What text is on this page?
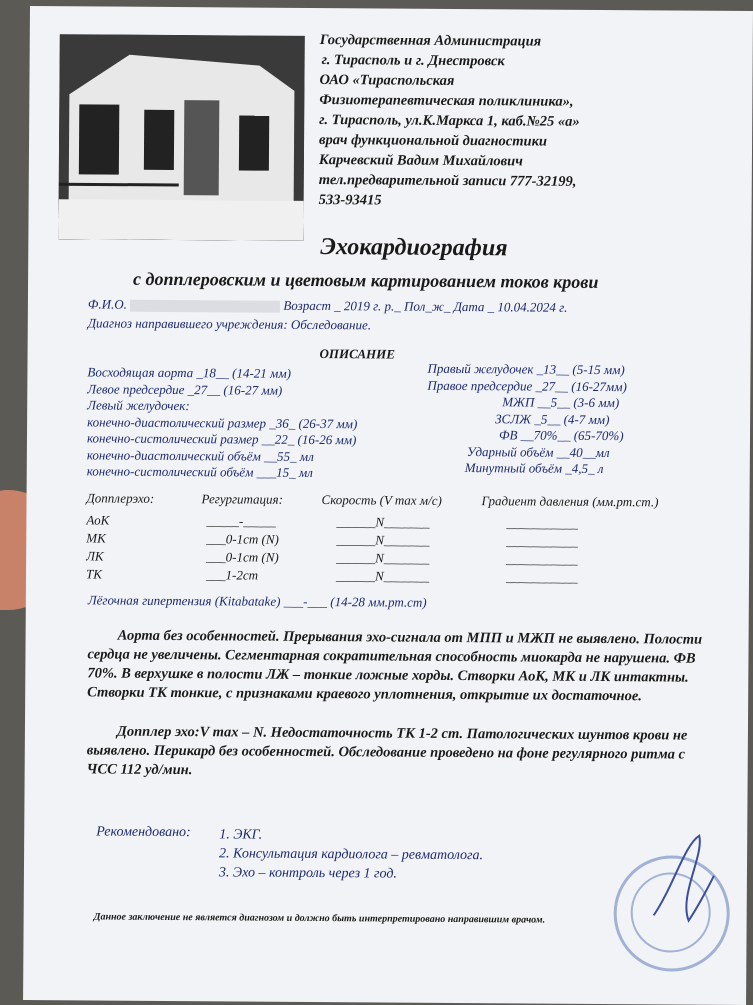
Государственная Администрация
г. Тирасполь и г. Днестровск
ОАО «Тираспольская
Физиотерапевтическая поликлиника»,
г. Тирасполь, ул.К.Маркса 1, каб.№25 «а»
врач функциональной диагностики
Карчевский Вадим Михайлович
тел.предварительной записи 777-32199,
533-93415
Эхокардиография
с допплеровским и цветовым картированием токов крови
Ф.И.О.	Возраст _ 2019 г. р._ Пол_ж_ Дата _ 10.04.2024 г.
Диагноз направившего учреждения: Обследование.
ОПИСАНИЕ
Восходящая аорта _18__ (14-21 мм)
Левое предсердие _27__ (16-27 мм)
Левый желудочек:
конечно-диастолический размер _36_ (26-37 мм)
конечно-систолический размер __22_ (16-26 мм)
конечно-диастолический объём __55_ мл
конечно-систолический объём ___15_ мл
Правый желудочек _13__ (5-15 мм)
Правое предсердие _27__ (16-27мм)
МЖП __5__ (3-6 мм)
ЗСЛЖ _5__ (4-7 мм)
ФВ __70%__ (65-70%)
Ударный объём __40__мл
Минутный объём _4,5_ л
Допплерэхо:	Регургитация:	Скорость (V max м/с)	Градиент давления (мм.рт.ст.)
АоК	_____-_____	______N_______	___________
МК	___0-1cm (N)	______N_______	___________
ЛК	___0-1cm (N)	______N_______	___________
ТК	___1-2cm	______N_______	___________
Лёгочная гипертензия (Kitabatake) ___-___ (14-28 мм.рт.ст)
Аорта без особенностей. Прерывания эхо-сигнала от МПП и МЖП не выявлено. Полости сердца не увеличены. Сегментарная сократительная способность миокарда не нарушена. ФВ 70%. В верхушке в полости ЛЖ – тонкие ложные хорды. Створки АоК, МК и ЛК интактны. Створки ТК тонкие, с признаками краевого уплотнения, открытие их достаточное.
Допплер эхо:V max – N. Недостаточность ТК 1-2 ст. Патологических шунтов крови не выявлено. Перикард без особенностей. Обследование проведено на фоне регулярного ритма с ЧСС 112 уд/мин.
Рекомендовано: 1. ЭКГ.
2. Консультация кардиолога – ревматолога.
3. Эхо – контроль через 1 год.
Данное заключение не является диагнозом и должно быть интерпретировано направившим врачом.
